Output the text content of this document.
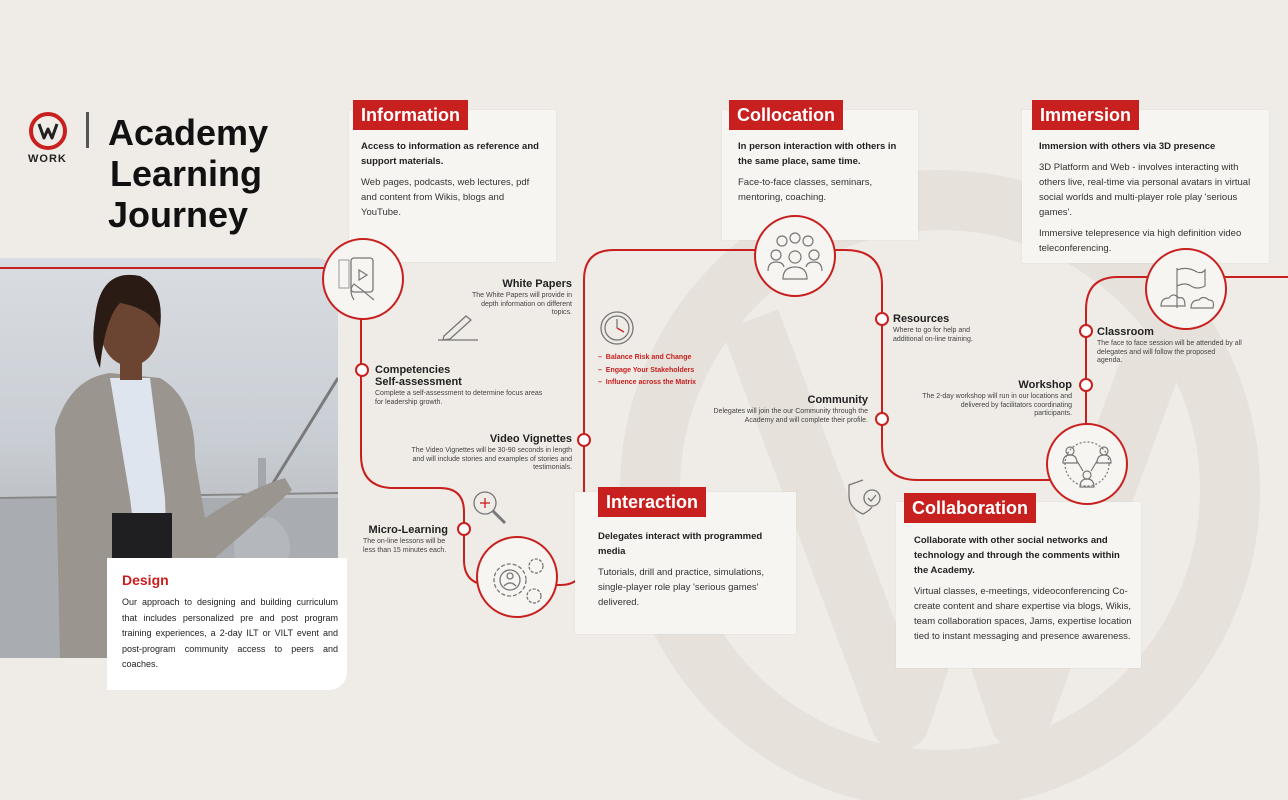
WORK
Academy
Learning
Journey
Design
Our approach to designing and building curriculum that includes personalized pre and post program training experiences, a 2-day ILT or VILT event and post-program community access to peers and coaches.
Information
Access to information as reference and support materials.
Web pages, podcasts, web lectures, pdf and content from Wikis, blogs and YouTube.
Collocation
In person interaction with others in the same place, same time.
Face-to-face classes, seminars, mentoring, coaching.
Immersion
Immersion with others via 3D presence
3D Platform and Web - involves interacting with others live, real-time via personal avatars in virtual social worlds and multi-player role play 'serious games'.
Immersive telepresence via high definition video teleconferencing.
Interaction
Delegates interact with programmed media
Tutorials, drill and practice, simulations, single-player role play 'serious games' delivered.
Collaboration
Collaborate with other social networks and technology and through the comments within the Academy.
Virtual classes, e-meetings, videoconferencing Co-create content and share expertise via blogs, Wikis, team collaboration spaces, Jams, expertise location tied to instant messaging and presence awareness.
White Papers
The White Papers will provide in depth information on different topics.
Competencies
Self-assessment
Complete a self-assessment to determine focus areas for leadership growth.
Video Vignettes
The Video Vignettes will be 30-90 seconds in length and will include stories and examples of stories and testimonials.
Micro-Learning
The on-line lessons will be less than 15 minutes each.
Resources
Where to go for help and additional on-line training.
Community
Delegates will join the our Community through the Academy and will complete their profile.
Classroom
The face to face session will be attended by all delegates and will follow the proposed agenda.
Workshop
The 2-day workshop will run in our locations and delivered by facilitators coordinating participants.
–  Balance Risk and Change
–  Engage Your Stakeholders
–  Influence across the Matrix
